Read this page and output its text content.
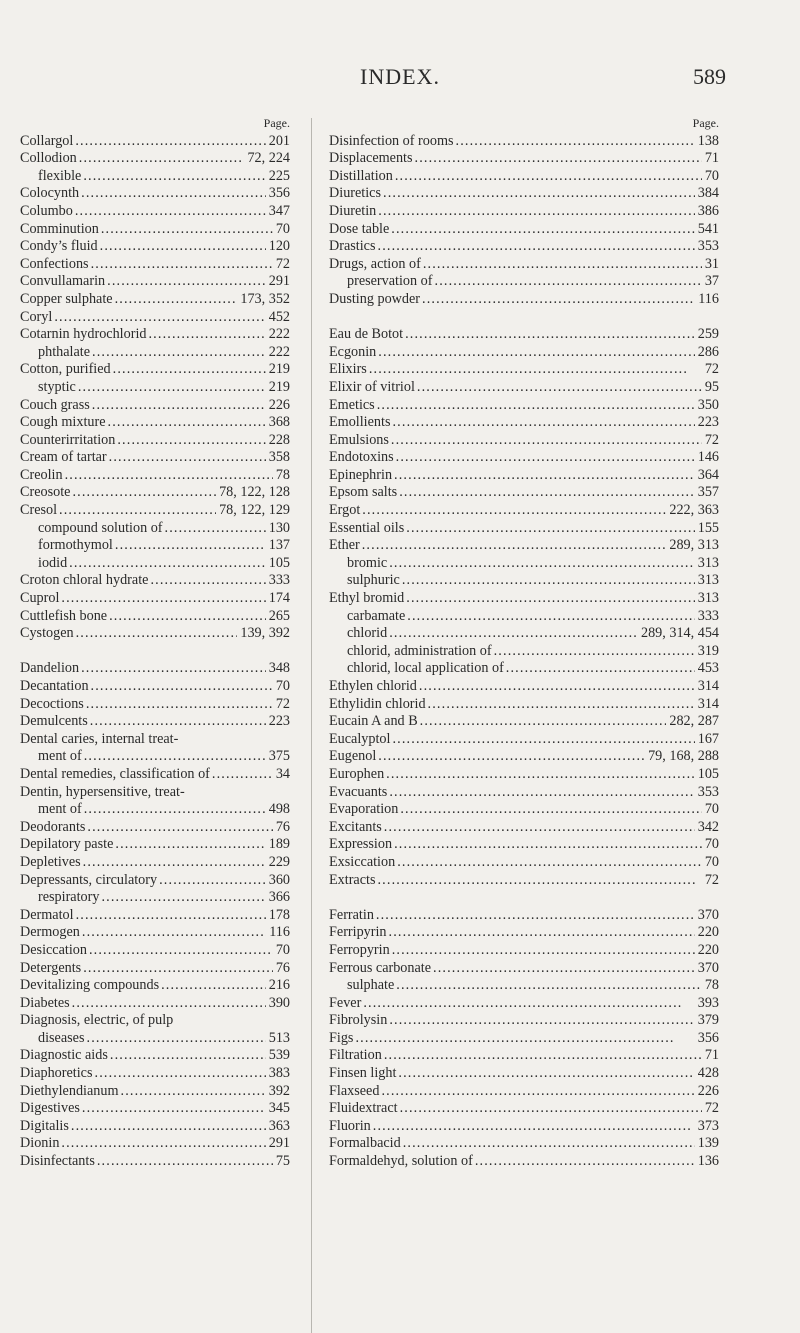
INDEX.	589
Page.
Collargol . . .	201
Collodion . . .	72, 224
flexible . . .	225
Colocynth . . .	356
Columbo . . .	347
Comminution . . .	70
Condy’s fluid . . .	120
Confections . . .	72
Convullamarin . . .	291
Copper sulphate . . .	173, 352
Coryl . . .	452
Cotarnin hydrochlorid . . .	222
phthalate . . .	222
Cotton, purified . . .	219
styptic . . .	219
Couch grass . . .	226
Cough mixture . . .	368
Counterirritation . . .	228
Cream of tartar . . .	358
Creolin . . .	78
Creosote . . .	78, 122, 128
Cresol . . .	78, 122, 129
compound solution of . . .	130
formothymol . . .	137
iodid . . .	105
Croton chloral hydrate . . .	333
Cuprol . . .	174
Cuttlefish bone . . .	265
Cystogen . . .	139, 392
Dandelion . . .	348
Decantation . . .	70
Decoctions . . .	72
Demulcents . . .	223
Dental caries, internal treat-
ment of . . .	375
Dental remedies, classification of . . .	34
Dentin, hypersensitive, treat-
ment of . . .	498
Deodorants . . .	76
Depilatory paste . . .	189
Depletives . . .	229
Depressants, circulatory . . .	360
respiratory . . .	366
Dermatol . . .	178
Dermogen . . .	116
Desiccation . . .	70
Detergents . . .	76
Devitalizing compounds . . .	216
Diabetes . . .	390
Diagnosis, electric, of pulp
diseases . . .	513
Diagnostic aids . . .	539
Diaphoretics . . .	383
Diethylendianum . . .	392
Digestives . . .	345
Digitalis . . .	363
Dionin . . .	291
Disinfectants . . .	75
Page.
Disinfection of rooms . . .	138
Displacements . . .	71
Distillation . . .	70
Diuretics . . .	384
Diuretin . . .	386
Dose table . . .	541
Drastics . . .	353
Drugs, action of . . .	31
preservation of . . .	37
Dusting powder . . .	116
Eau de Botot . . .	259
Ecgonin . . .	286
Elixirs . . .	72
Elixir of vitriol . . .	95
Emetics . . .	350
Emollients . . .	223
Emulsions . . .	72
Endotoxins . . .	146
Epinephrin . . .	364
Epsom salts . . .	357
Ergot . . .	222, 363
Essential oils . . .	155
Ether . . .	289, 313
bromic . . .	313
sulphuric . . .	313
Ethyl bromid . . .	313
carbamate . . .	333
chlorid . . .	289, 314, 454
chlorid, administration of . . .	319
chlorid, local application of . . .	453
Ethylen chlorid . . .	314
Ethylidin chlorid . . .	314
Eucain A and B . . .	282, 287
Eucalyptol . . .	167
Eugenol . . .	79, 168, 288
Europhen . . .	105
Evacuants . . .	353
Evaporation . . .	70
Excitants . . .	342
Expression . . .	70
Exsiccation . . .	70
Extracts . . .	72
Ferratin . . .	370
Ferripyrin . . .	220
Ferropyrin . . .	220
Ferrous carbonate . . .	370
sulphate . . .	78
Fever . . .	393
Fibrolysin . . .	379
Figs . . .	356
Filtration . . .	71
Finsen light . . .	428
Flaxseed . . .	226
Fluidextract . . .	72
Fluorin . . .	373
Formalbacid . . .	139
Formaldehyd, solution of . . .	136
